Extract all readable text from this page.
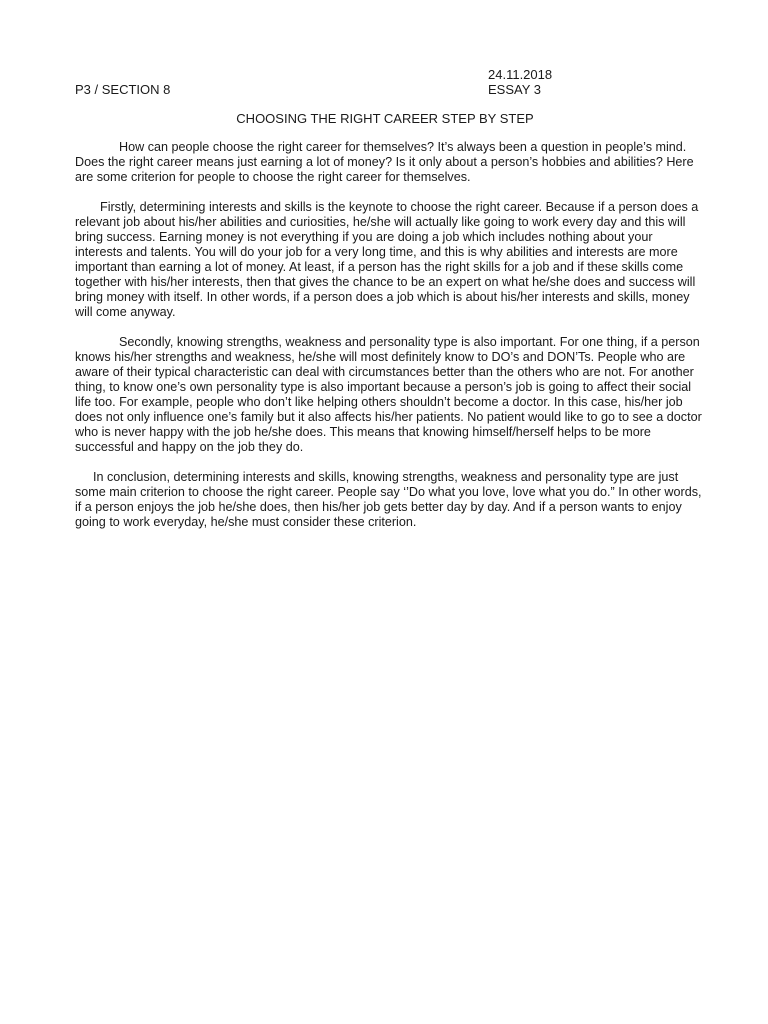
24.11.2018
P3 / SECTION 8	ESSAY 3
CHOOSING THE RIGHT CAREER STEP BY STEP

How can people choose the right career for themselves? It’s always been a question in people’s mind. Does the right career means just earning a lot of money? Is it only about a person’s hobbies and abilities? Here are some criterion for people to choose the right career for themselves.

Firstly, determining interests and skills is the keynote to choose the right career. Because if a person does a relevant job about his/her abilities and curiosities, he/she will actually like going to work every day and this will bring success. Earning money is not everything if you are doing a job which includes nothing about your interests and talents. You will do your job for a very long time, and this is why abilities and interests are more important than earning a lot of money. At least, if a person has the right skills for a job and if these skills come together with his/her interests, then that gives the chance to be an expert on what he/she does and success will bring money with itself. In other words, if a person does a job which is about his/her interests and skills, money will come anyway.

Secondly, knowing strengths, weakness and personality type is also important. For one thing, if a person knows his/her strengths and weakness, he/she will most definitely know to DO’s and DON’Ts. People who are aware of their typical characteristic can deal with circumstances better than the others who are not. For another thing, to know one’s own personality type is also important because a person’s job is going to affect their social life too. For example, people who don’t like helping others shouldn’t become a doctor. In this case, his/her job does not only influence one’s family but it also affects his/her patients. No patient would like to go to see a doctor who is never happy with the job he/she does. This means that knowing himself/herself helps to be more successful and happy on the job they do.

In conclusion, determining interests and skills, knowing strengths, weakness and personality type are just some main criterion to choose the right career. People say ‘’Do what you love, love what you do.” In other words, if a person enjoys the job he/she does, then his/her job gets better day by day. And if a person wants to enjoy going to work everyday, he/she must consider these criterion.
